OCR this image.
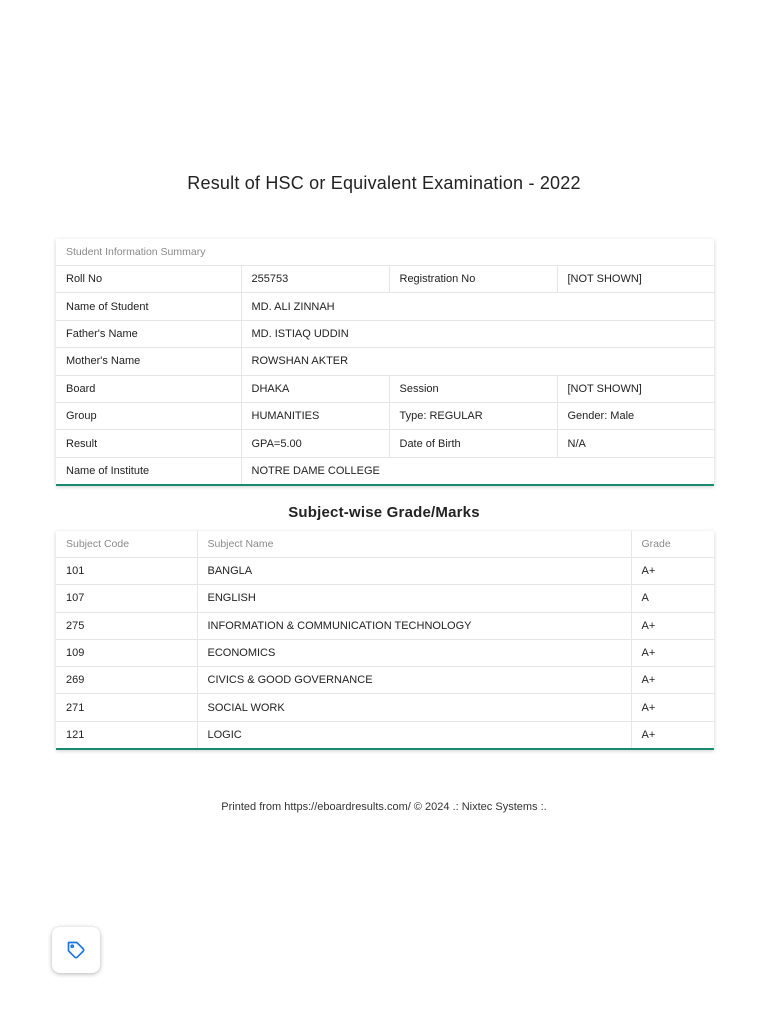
Result of HSC or Equivalent Examination - 2022
Student Information Summary			
Roll No	255753	Registration No	[NOT SHOWN]
Name of Student	MD. ALI ZINNAH		
Father's Name	MD. ISTIAQ UDDIN		
Mother's Name	ROWSHAN AKTER		
Board	DHAKA	Session	[NOT SHOWN]
Group	HUMANITIES	Type: REGULAR	Gender: Male
Result	GPA=5.00	Date of Birth	N/A
Name of Institute	NOTRE DAME COLLEGE		
Subject-wise Grade/Marks
Subject Code	Subject Name	Grade
101	BANGLA	A+
107	ENGLISH	A
275	INFORMATION & COMMUNICATION TECHNOLOGY	A+
109	ECONOMICS	A+
269	CIVICS & GOOD GOVERNANCE	A+
271	SOCIAL WORK	A+
121	LOGIC	A+
Printed from https://eboardresults.com/ © 2024 .: Nixtec Systems :.
